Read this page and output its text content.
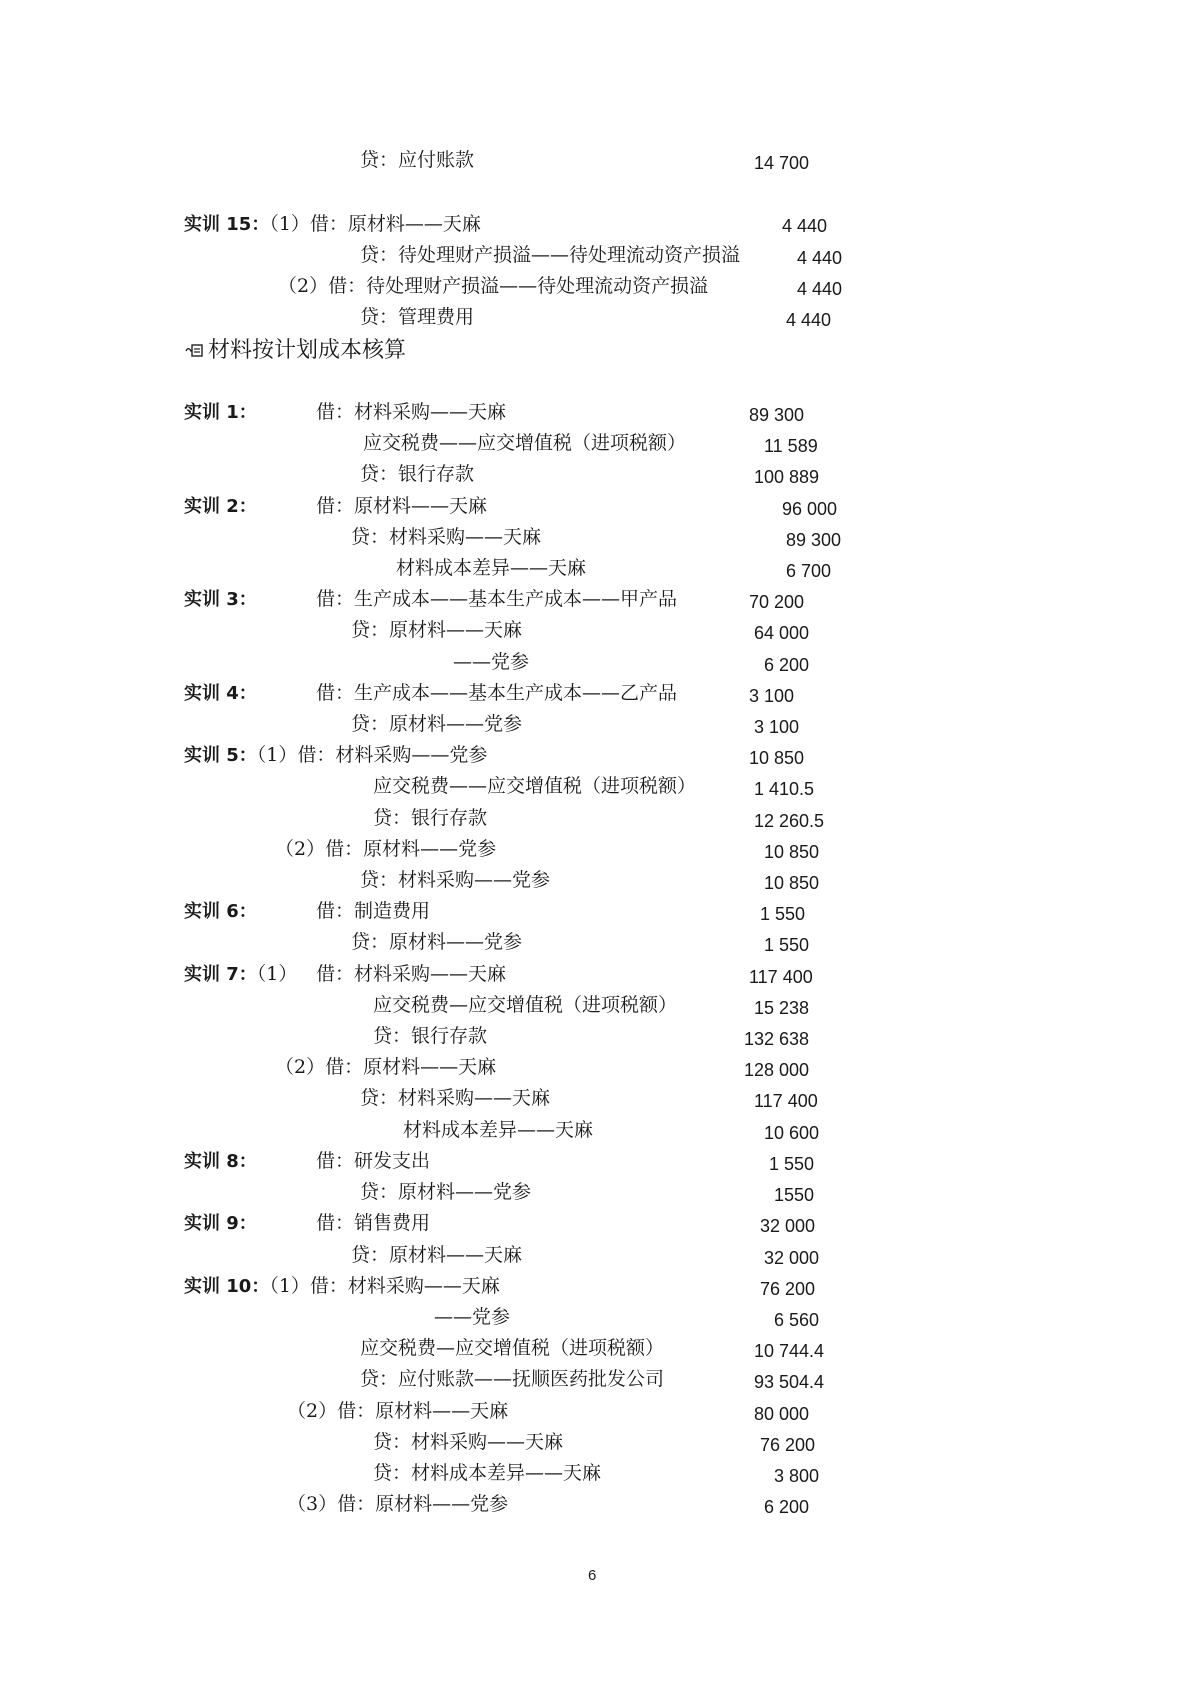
贷：应付账款	14 700
实训 15：（1）借：原材料——天麻	4 440
贷：待处理财产损溢——待处理流动资产损溢	4 440
（2）借：待处理财产损溢——待处理流动资产损溢	4 440
贷：管理费用	4 440
材料按计划成本核算
实训 1：	借：材料采购——天麻	89 300
应交税费——应交增值税（进项税额）	11 589
贷：银行存款	100 889
实训 2：	借：原材料——天麻	96 000
贷：材料采购——天麻	89 300
材料成本差异——天麻	6 700
实训 3：	借：生产成本——基本生产成本——甲产品	70 200
贷：原材料——天麻	64 000
——党参	6 200
实训 4：	借：生产成本——基本生产成本——乙产品	3 100
贷：原材料——党参	3 100
实训 5：（1）借：材料采购——党参	10 850
应交税费——应交增值税（进项税额）	1 410.5
贷：银行存款	12 260.5
（2）借：原材料——党参	10 850
贷：材料采购——党参	10 850
实训 6：	借：制造费用	1 550
贷：原材料——党参	1 550
实训 7：（1） 借：材料采购——天麻	117 400
应交税费—应交增值税（进项税额）	15 238
贷：银行存款	132 638
（2）借：原材料——天麻	128 000
贷：材料采购——天麻	117 400
材料成本差异——天麻	10 600
实训 8：	借：研发支出	1 550
贷：原材料——党参	1550
实训 9：	借：销售费用	32 000
贷：原材料——天麻	32 000
实训 10：（1）借：材料采购——天麻	76 200
——党参	6 560
应交税费—应交增值税（进项税额）	10 744.4
贷：应付账款——抚顺医药批发公司	93 504.4
（2）借：原材料——天麻	80 000
贷：材料采购——天麻	76 200
贷：材料成本差异——天麻	3 800
（3）借：原材料——党参	6 200
6
